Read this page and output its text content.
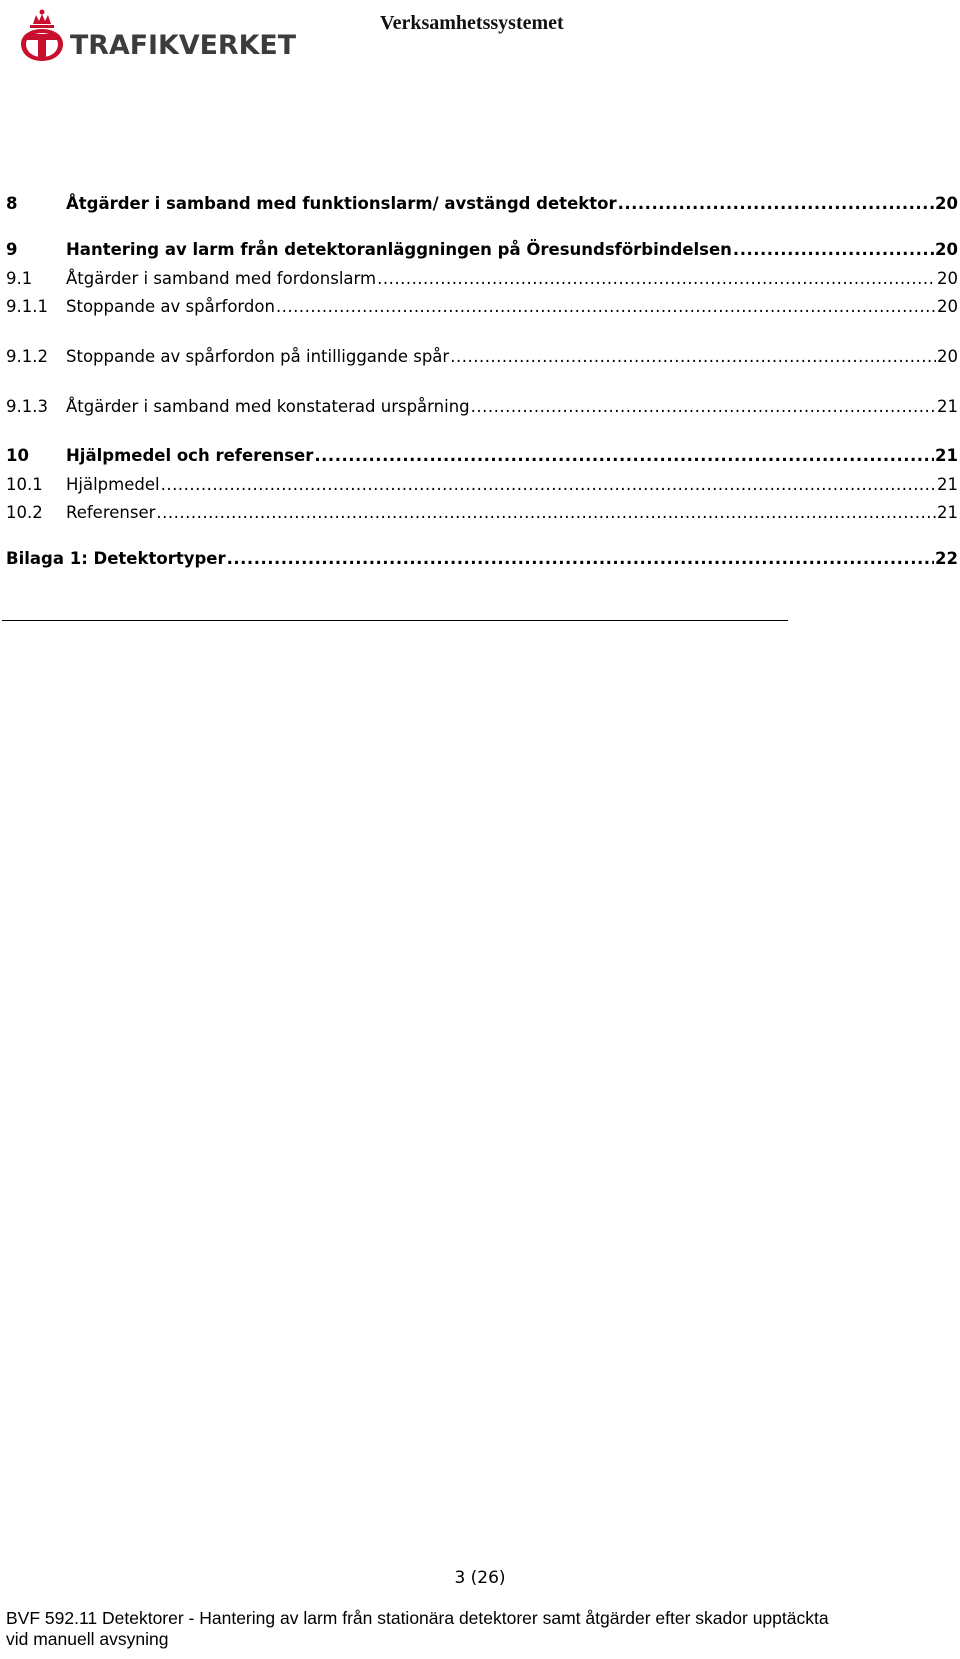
TRAFIKVERKET
Verksamhetssystemet
8	Åtgärder i samband med funktionslarm/ avstängd detektor .....	20
9	Hantering av larm från detektoranläggningen på Öresundsförbindelsen .....	20
9.1	Åtgärder i samband med fordonslarm .....	20
9.1.1	Stoppande av spårfordon .....	20
9.1.2	Stoppande av spårfordon på intilliggande spår .....	20
9.1.3	Åtgärder i samband med konstaterad urspårning .....	21
10	Hjälpmedel och referenser .....	21
10.1	Hjälpmedel .....	21
10.2	Referenser .....	21
Bilaga 1: Detektortyper .....	22
3 (26)
BVF 592.11 Detektorer - Hantering av larm från stationära detektorer samt åtgärder efter skador upptäckta
vid manuell avsyning
